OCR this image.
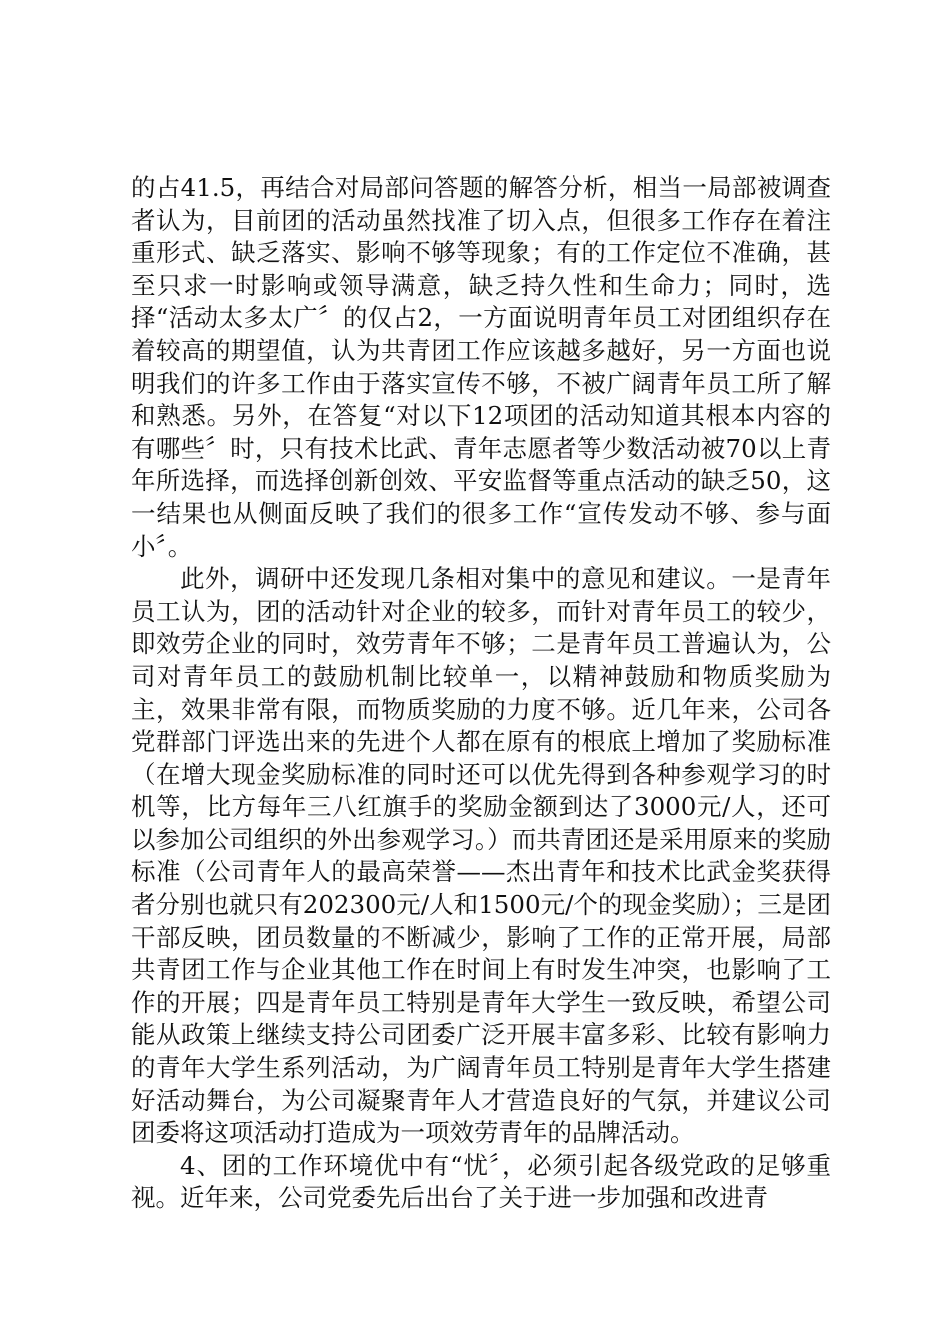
的占41.5，再结合对局部问答题的解答分析，相当一局部被调查者认为，目前团的活动虽然找准了切入点，但很多工作存在着注重形式、缺乏落实、影响不够等现象；有的工作定位不准确，甚至只求一时影响或领导满意，缺乏持久性和生命力；同时，选择“活动太多太广〞的仅占2，一方面说明青年员工对团组织存在着较高的期望值，认为共青团工作应该越多越好，另一方面也说明我们的许多工作由于落实宣传不够，不被广阔青年员工所了解和熟悉。另外，在答复“对以下12项团的活动知道其根本内容的有哪些〞时，只有技术比武、青年志愿者等少数活动被70以上青年所选择，而选择创新创效、平安监督等重点活动的缺乏50，这一结果也从侧面反映了我们的很多工作“宣传发动不够、参与面小〞。

此外，调研中还发现几条相对集中的意见和建议。一是青年员工认为，团的活动针对企业的较多，而针对青年员工的较少，即效劳企业的同时，效劳青年不够；二是青年员工普遍认为，公司对青年员工的鼓励机制比较单一，以精神鼓励和物质奖励为主，效果非常有限，而物质奖励的力度不够。近几年来，公司各党群部门评选出来的先进个人都在原有的根底上增加了奖励标准（在增大现金奖励标准的同时还可以优先得到各种参观学习的时机等，比方每年三八红旗手的奖励金额到达了3000元/人，还可以参加公司组织的外出参观学习。）而共青团还是采用原来的奖励标准（公司青年人的最高荣誉——杰出青年和技术比武金奖获得者分别也就只有202300元/人和1500元/个的现金奖励）；三是团干部反映，团员数量的不断减少，影响了工作的正常开展，局部共青团工作与企业其他工作在时间上有时发生冲突，也影响了工作的开展；四是青年员工特别是青年大学生一致反映，希望公司能从政策上继续支持公司团委广泛开展丰富多彩、比较有影响力的青年大学生系列活动，为广阔青年员工特别是青年大学生搭建好活动舞台，为公司凝聚青年人才营造良好的气氛，并建议公司团委将这项活动打造成为一项效劳青年的品牌活动。

4、团的工作环境优中有“忧〞，必须引起各级党政的足够重视。近年来，公司党委先后出台了关于进一步加强和改进青
